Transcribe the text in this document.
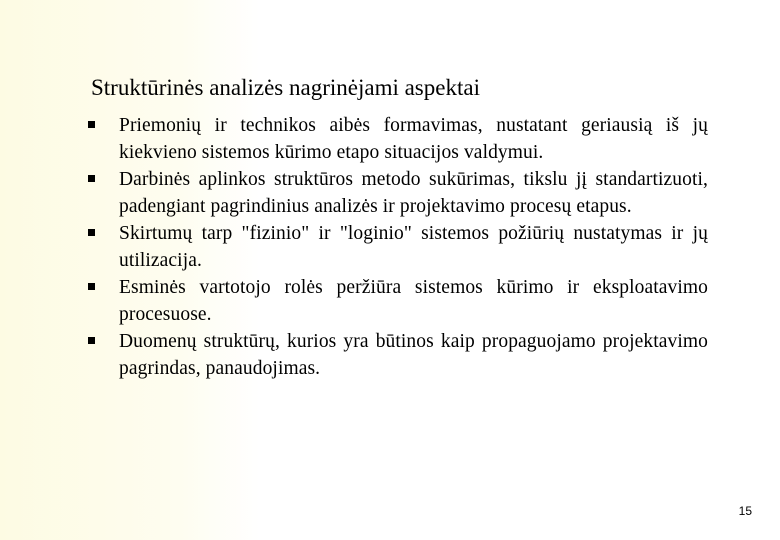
Struktūrinės analizės nagrinėjami aspektai
Priemonių ir technikos aibės formavimas, nustatant geriausią iš jų kiekvieno sistemos kūrimo etapo situacijos valdymui.
Darbinės aplinkos struktūros metodo sukūrimas, tikslu jį standartizuoti, padengiant pagrindinius analizės ir projektavimo procesų etapus.
Skirtumų tarp "fizinio" ir "loginio" sistemos požiūrių nustatymas ir jų utilizacija.
Esminės vartotojo rolės peržiūra sistemos kūrimo ir eksploatavimo procesuose.
Duomenų struktūrų, kurios yra būtinos kaip propaguojamo projektavimo pagrindas, panaudojimas.
15
